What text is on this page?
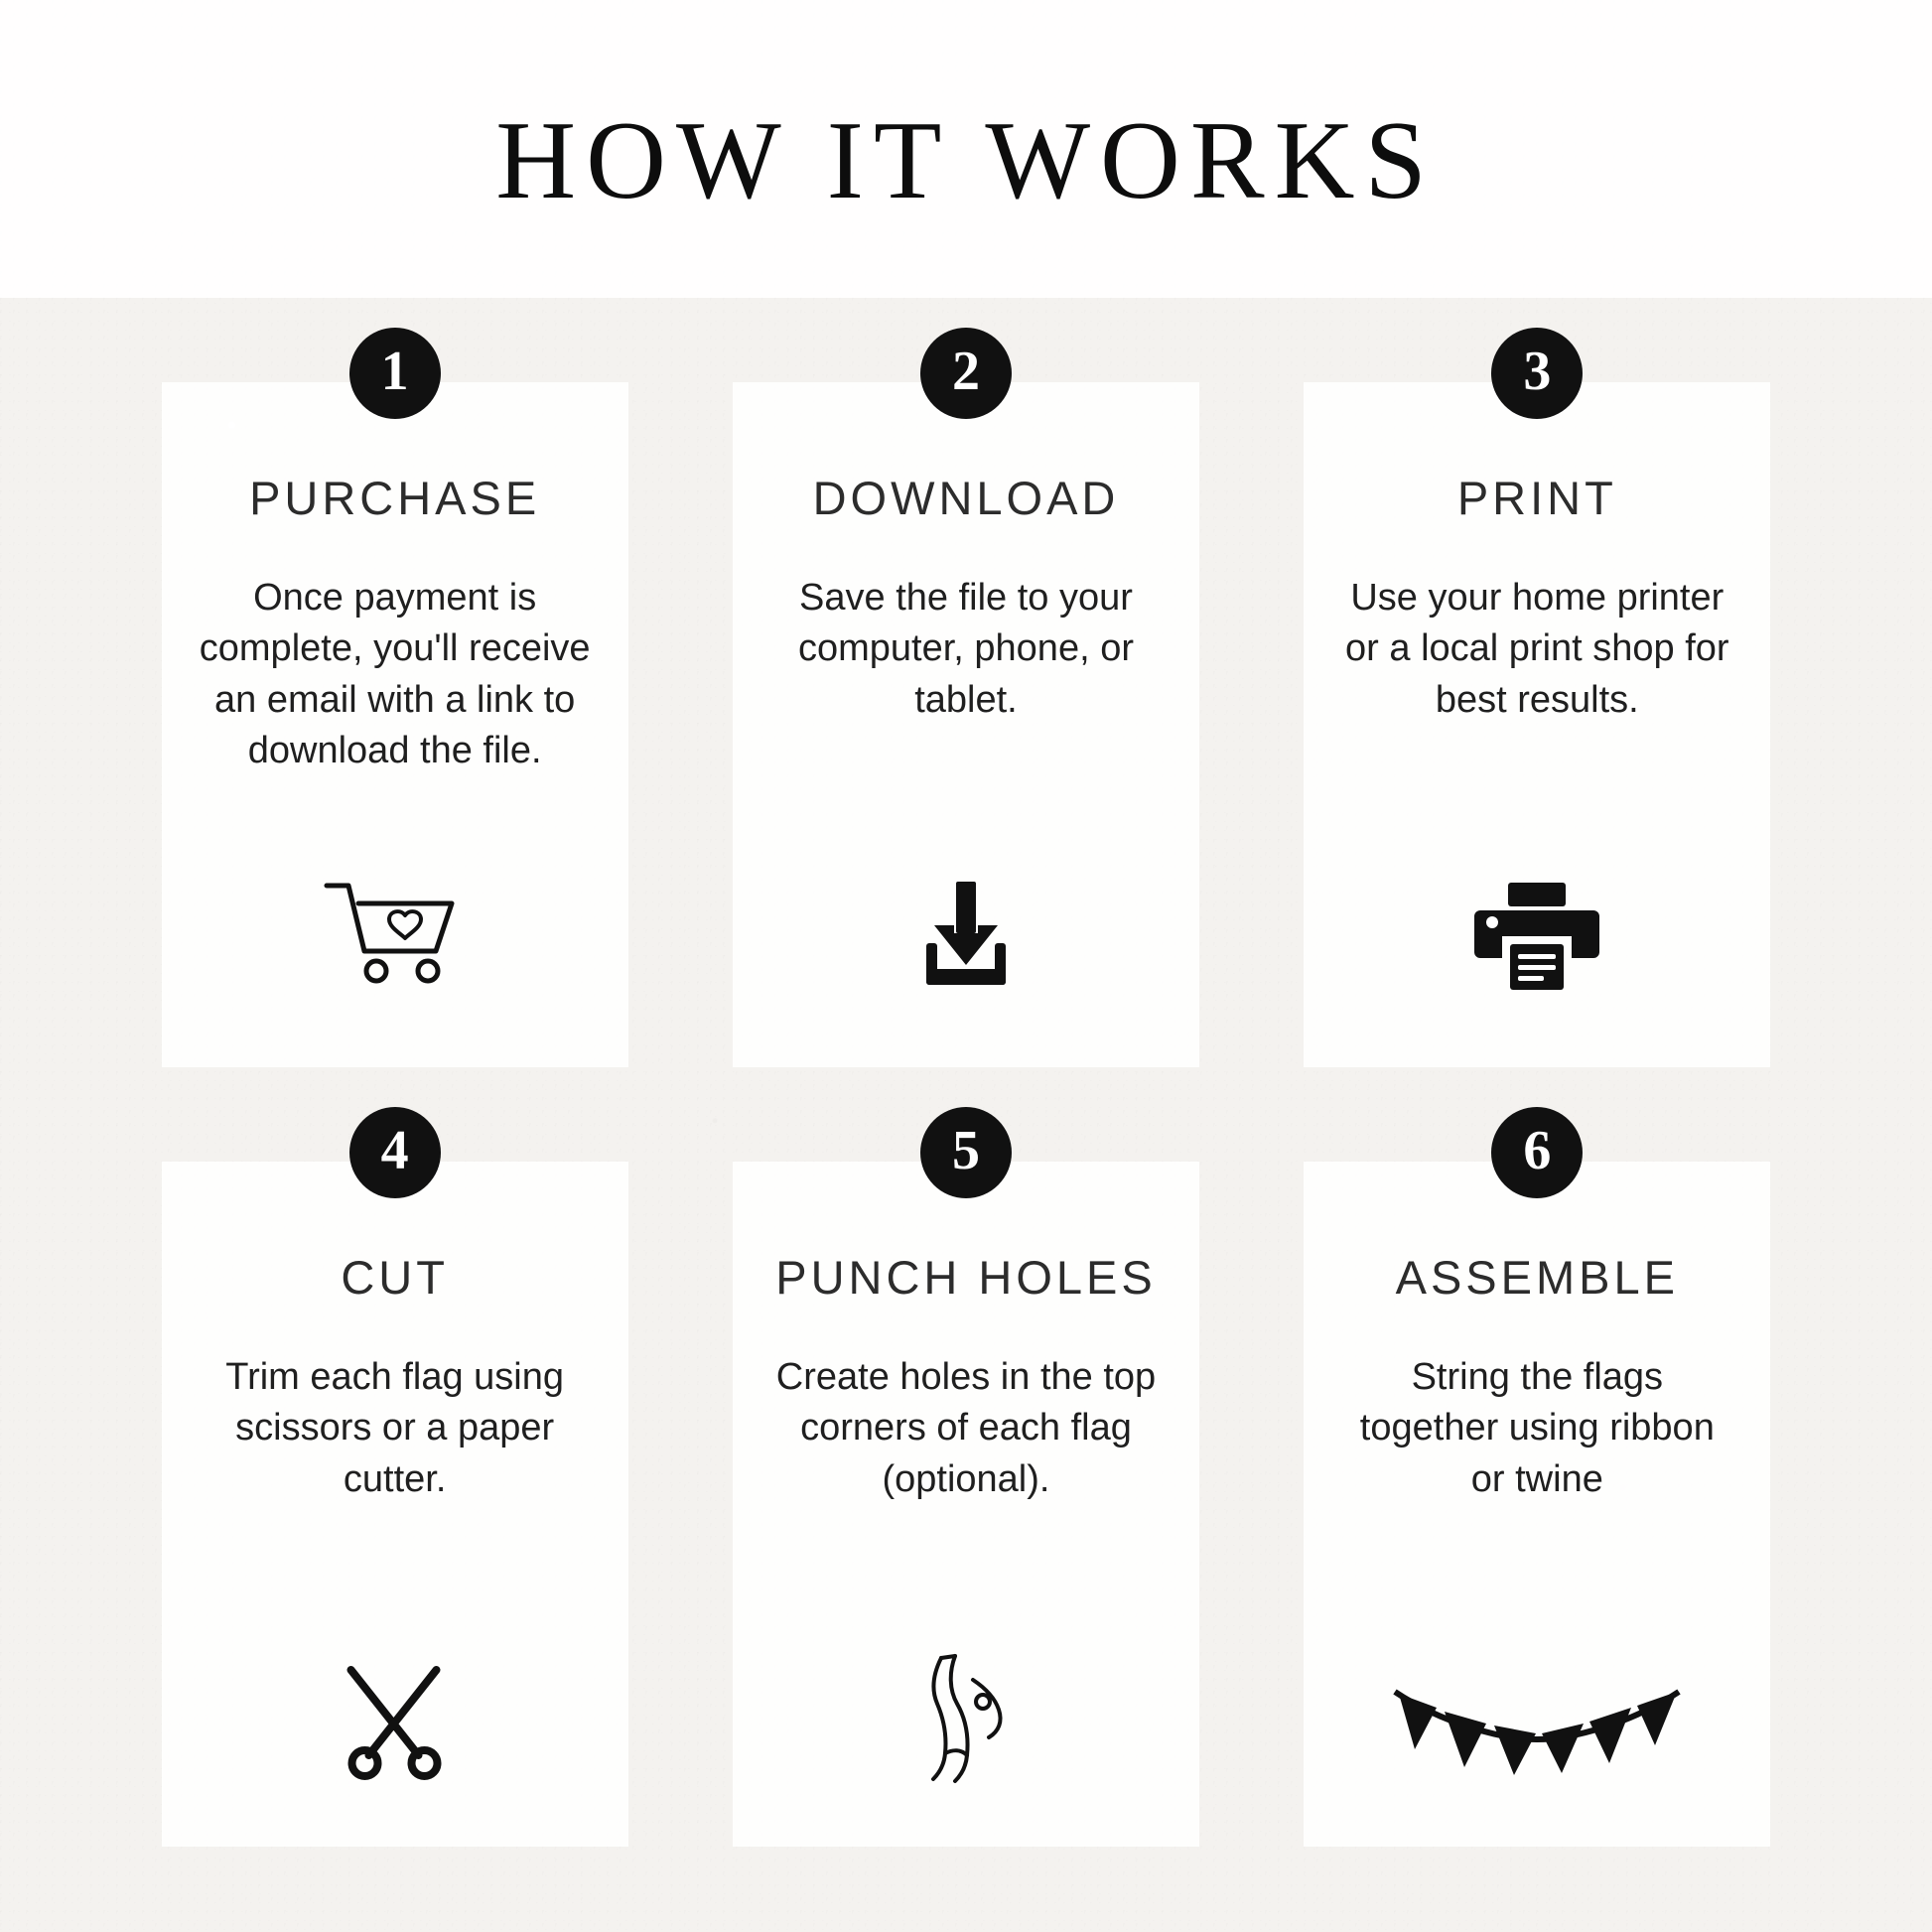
HOW IT WORKS
1
PURCHASE
Once payment is complete, you'll receive an email with a link to download the file.
2
DOWNLOAD
Save the file to your computer, phone, or tablet.
3
PRINT
Use your home printer or a local print shop for best results.
4
CUT
Trim each flag using scissors or a paper cutter.
5
PUNCH HOLES
Create holes in the top corners of each flag (optional).
6
ASSEMBLE
String the flags together using ribbon or twine
